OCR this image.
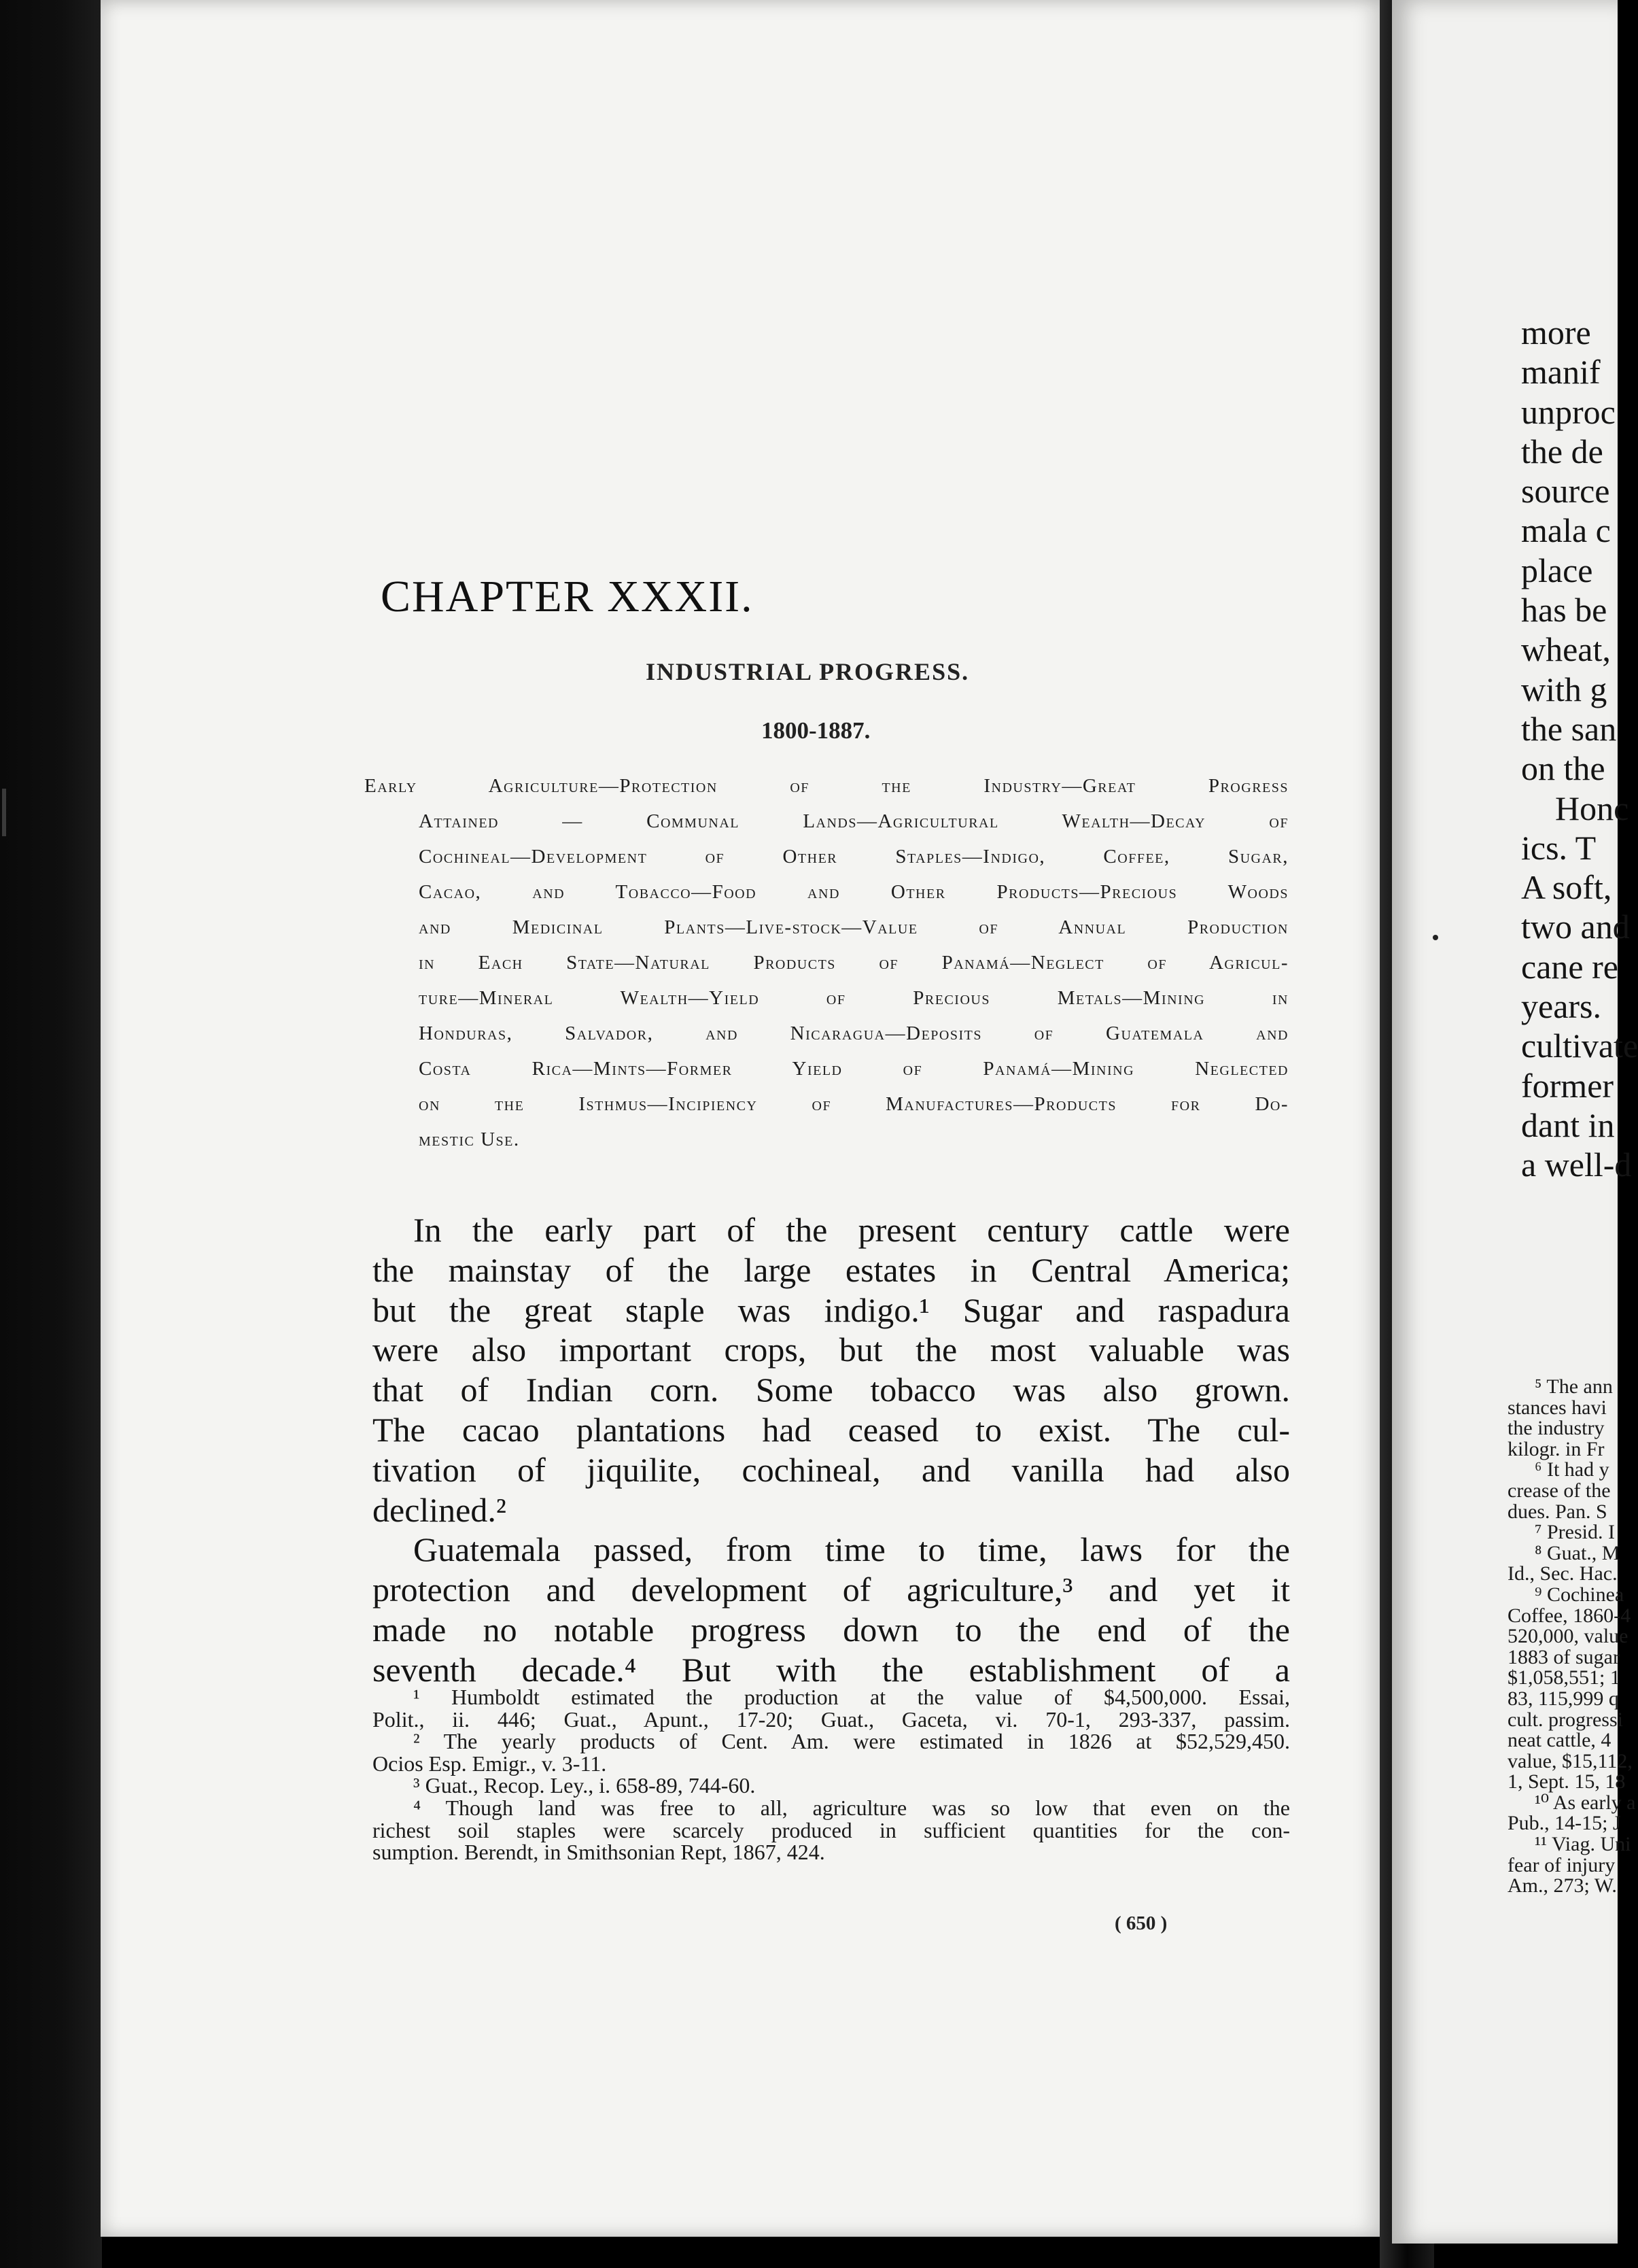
CHAPTER XXXII.
INDUSTRIAL PROGRESS.
1800-1887.
Early Agriculture—Protection of the Industry—Great Progress
Attained — Communal Lands—Agricultural Wealth—Decay of
Cochineal—Development of Other Staples—Indigo, Coffee, Sugar,
Cacao, and Tobacco—Food and Other Products—Precious Woods
and Medicinal Plants—Live-stock—Value of Annual Production
in Each State—Natural Products of Panamá—Neglect of Agricul-
ture—Mineral Wealth—Yield of Precious Metals—Mining in
Honduras, Salvador, and Nicaragua—Deposits of Guatemala and
Costa Rica—Mints—Former Yield of Panamá—Mining Neglected
on the Isthmus—Incipiency of Manufactures—Products for Do-
mestic Use.
In the early part of the present century cattle were
the mainstay of the large estates in Central America;
but the great staple was indigo.¹ Sugar and raspadura
were also important crops, but the most valuable was
that of Indian corn. Some tobacco was also grown.
The cacao plantations had ceased to exist. The cul-
tivation of jiquilite, cochineal, and vanilla had also
declined.²
Guatemala passed, from time to time, laws for the
protection and development of agriculture,³ and yet it
made no notable progress down to the end of the
seventh decade.⁴ But with the establishment of a
¹ Humboldt estimated the production at the value of $4,500,000. Essai,
Polit., ii. 446; Guat., Apunt., 17-20; Guat., Gaceta, vi. 70-1, 293-337, passim.
² The yearly products of Cent. Am. were estimated in 1826 at $52,529,450.
Ocios Esp. Emigr., v. 3-11.
³ Guat., Recop. Ley., i. 658-89, 744-60.
⁴ Though land was free to all, agriculture was so low that even on the
richest soil staples were scarcely produced in sufficient quantities for the con-
sumption. Berendt, in Smithsonian Rept, 1867, 424.
( 650 )
more
manif
unproc
the de
source
mala c
place
has be
wheat,
with g
the san
on the
Honc
ics. T
A soft,
two and
cane re
years.
cultivate
former
dant in
a well-d
⁵ The ann
stances havi
the industry
kilogr. in Fr
⁶ It had y
crease of the
dues. Pan. S
⁷ Presid. I
⁸ Guat., M
Id., Sec. Hac.
⁹ Cochinea
Coffee, 1860-4
520,000, value
1883 of sugar
$1,058,551; 1
83, 115,999 q
cult. progressi
neat cattle, 4
value, $15,112,
1, Sept. 15, 18
¹⁰ As early a
Pub., 14-15; J
¹¹ Viag. Uni
fear of injury
Am., 273; W.
